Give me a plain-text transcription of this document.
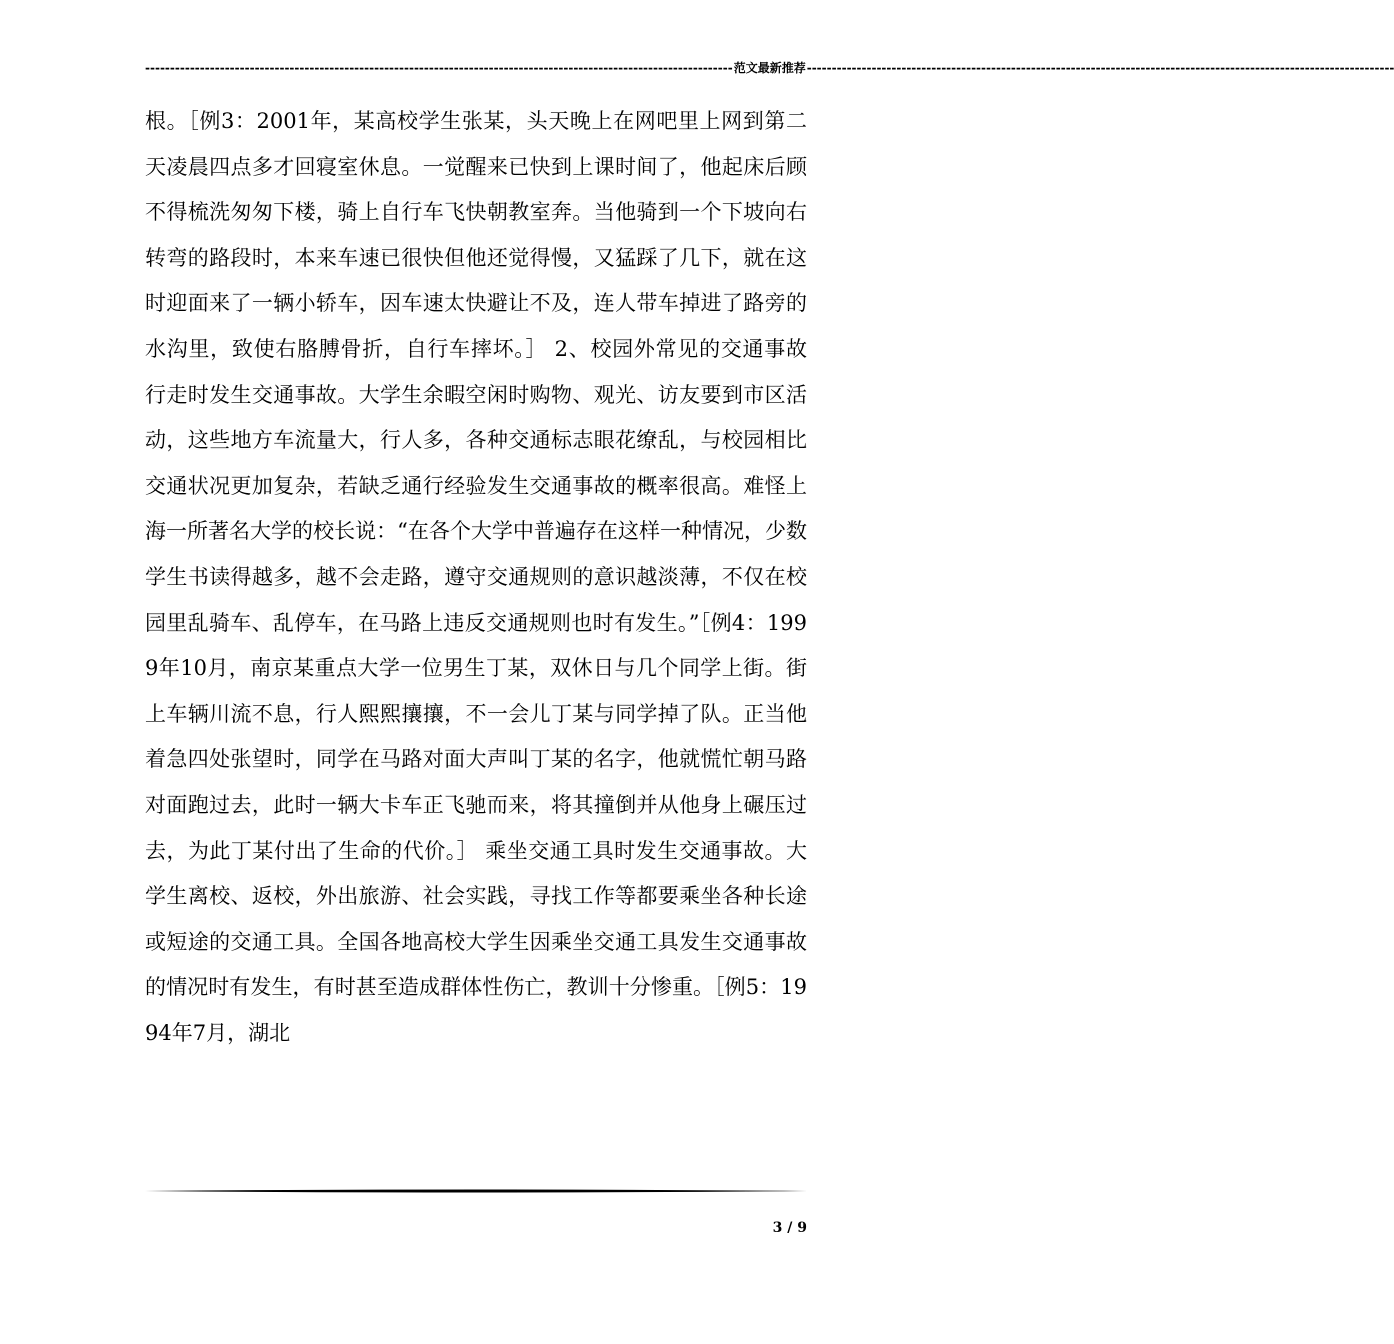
---------------------------------------------------------------------------------------------------------------------- 范文最新推荐 ----------------------------------------------------------------------------------------------------------------------

根。［例3：2001年，某高校学生张某，头天晚上在网吧里上网到第二天凌晨四点多才回寝室休息。一觉醒来已快到上课时间了，他起床后顾不得梳洗匆匆下楼，骑上自行车飞快朝教室奔。当他骑到一个下坡向右转弯的路段时，本来车速已很快但他还觉得慢，又猛踩了几下，就在这时迎面来了一辆小轿车，因车速太快避让不及，连人带车掉进了路旁的水沟里，致使右胳膊骨折，自行车摔坏。］ 2、校园外常见的交通事故 行走时发生交通事故。大学生余暇空闲时购物、观光、访友要到市区活动，这些地方车流量大，行人多，各种交通标志眼花缭乱，与校园相比交通状况更加复杂，若缺乏通行经验发生交通事故的概率很高。难怪上海一所著名大学的校长说：“在各个大学中普遍存在这样一种情况，少数学生书读得越多，越不会走路，遵守交通规则的意识越淡薄，不仅在校园里乱骑车、乱停车，在马路上违反交通规则也时有发生。”［例4：1999年10月，南京某重点大学一位男生丁某，双休日与几个同学上街。街上车辆川流不息，行人熙熙攘攘，不一会儿丁某与同学掉了队。正当他着急四处张望时，同学在马路对面大声叫丁某的名字，他就慌忙朝马路对面跑过去，此时一辆大卡车正飞驰而来，将其撞倒并从他身上碾压过去，为此丁某付出了生命的代价。］ 乘坐交通工具时发生交通事故。大学生离校、返校，外出旅游、社会实践，寻找工作等都要乘坐各种长途或短途的交通工具。全国各地高校大学生因乘坐交通工具发生交通事故的情况时有发生，有时甚至造成群体性伤亡，教训十分惨重。［例5：1994年7月，湖北

3 / 9
